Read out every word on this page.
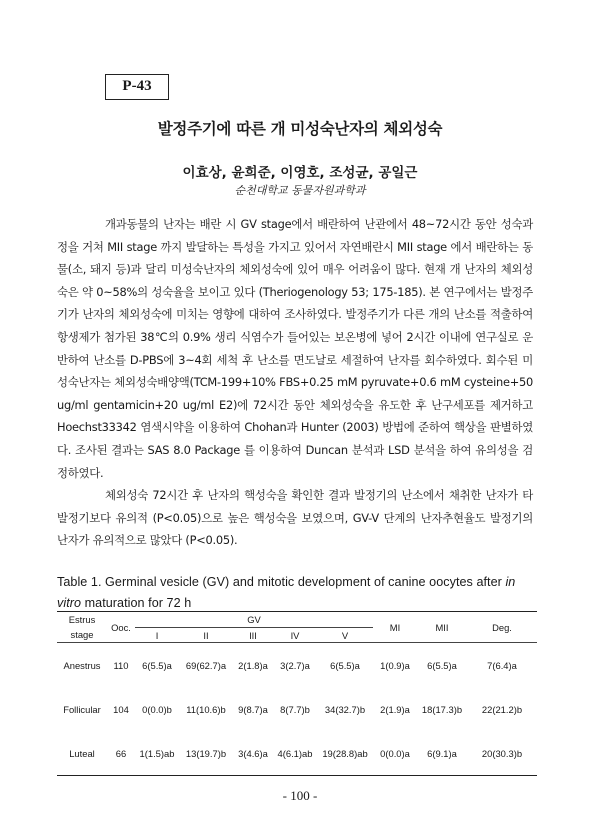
P-43
발정주기에 따른 개 미성숙난자의 체외성숙
이효상, 윤희준, 이영호, 조성균, 공일근
순천대학교 동물자원과학과

개과동물의 난자는 배란 시 GV stage에서 배란하여 난관에서 48~72시간 동안 성숙과정을 거쳐 MII stage 까지 발달하는 특성을 가지고 있어서 자연배란시 MII stage 에서 배란하는 동물(소, 돼지 등)과 달리 미성숙난자의 체외성숙에 있어 매우 어려움이 많다. 현재 개 난자의 체외성숙은 약 0~58%의 성숙율을 보이고 있다 (Theriogenology 53; 175-185). 본 연구에서는 발정주기가 난자의 체외성숙에 미치는 영향에 대하여 조사하였다. 발정주기가 다른 개의 난소를 적출하여 항생제가 첨가된 38℃의 0.9% 생리 식염수가 들어있는 보온병에 넣어 2시간 이내에 연구실로 운반하여 난소를 D-PBS에 3~4회 세척 후 난소를 면도날로 세절하여 난자를 회수하였다. 회수된 미성숙난자는 체외성숙배양액(TCM-199+10% FBS+0.25 mM pyruvate+0.6 mM cysteine+50 ug/ml gentamicin+20 ug/ml E2)에 72시간 동안 체외성숙을 유도한 후 난구세포를 제거하고 Hoechst33342 염색시약을 이용하여 Chohan과 Hunter (2003) 방법에 준하여 핵상을 판별하였다. 조사된 결과는 SAS 8.0 Package 를 이용하여 Duncan 분석과 LSD 분석을 하여 유의성을 검정하였다.

체외성숙 72시간 후 난자의 핵성숙을 확인한 결과 발정기의 난소에서 채취한 난자가 타 발정기보다 유의적 (P<0.05)으로 높은 핵성숙을 보였으며, GV-V 단계의 난자추현율도 발정기의 난자가 유의적으로 많았다 (P<0.05).

Table 1. Germinal vesicle (GV) and mitotic development of canine oocytes after in vitro maturation for 72 h
Estrus	Ooc.	GV					MI	MII	Deg.
stage		I	II	III	IV	V			
Anestrus	110	6(5.5)a	69(62.7)a	2(1.8)a	3(2.7)a	6(5.5)a	1(0.9)a	6(5.5)a	7(6.4)a
Follicular	104	0(0.0)b	11(10.6)b	9(8.7)a	8(7.7)b	34(32.7)b	2(1.9)a	18(17.3)b	22(21.2)b
Luteal	66	1(1.5)ab	13(19.7)b	3(4.6)a	4(6.1)ab	19(28.8)ab	0(0.0)a	6(9.1)a	20(30.3)b
- 100 -
